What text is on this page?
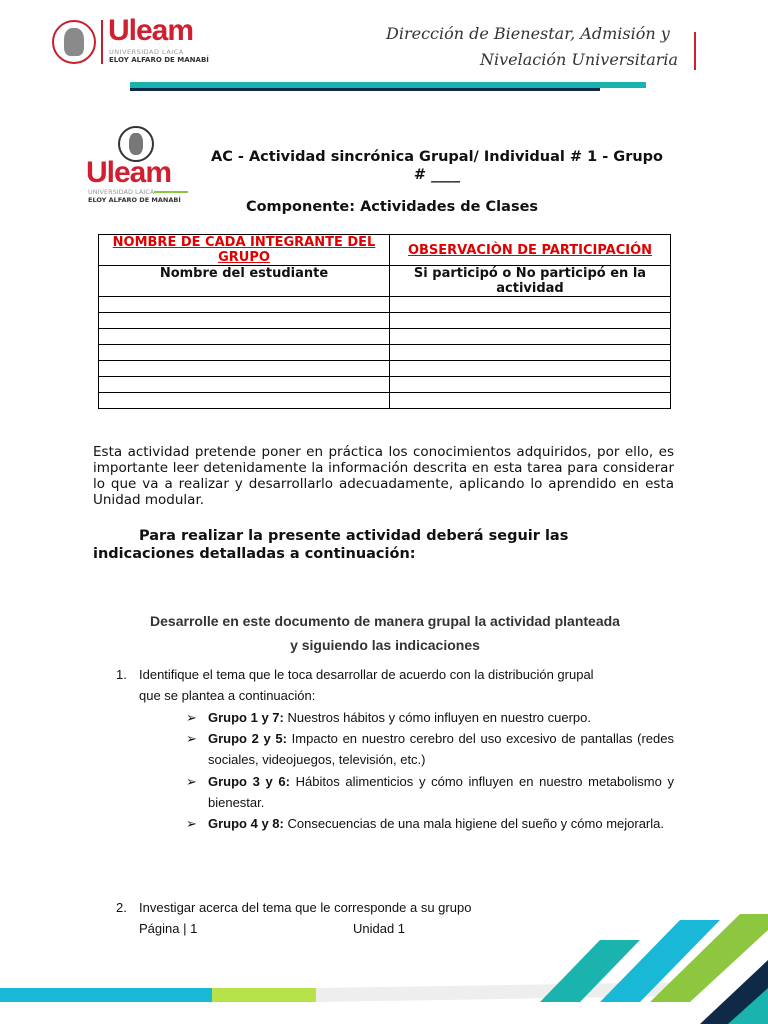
Uleam
UNIVERSIDAD LAICA
ELOY ALFARO DE MANABÍ
Dirección de Bienestar, Admisión y
Nivelación Universitaria
Uleam
UNIVERSIDAD LAICA
ELOY ALFARO DE MANABÍ
AC - Actividad sincrónica Grupal/ Individual # 1 - Grupo
# ____
Componente: Actividades de Clases
NOMBRE DE CADA INTEGRANTE DEL GRUPO	OBSERVACIÒN DE PARTICIPACIÓN
Nombre del estudiante	Si participó o No participó en la actividad

Esta actividad pretende poner en práctica los conocimientos adquiridos, por ello, es importante leer detenidamente la información descrita en esta tarea para considerar lo que va a realizar y desarrollarlo adecuadamente, aplicando lo aprendido en esta Unidad modular.
Para realizar la presente actividad deberá seguir las indicaciones detalladas a continuación:
Desarrolle en este documento de manera grupal la actividad planteada
y siguiendo las indicaciones
1. Identifique el tema que le toca desarrollar de acuerdo con la distribución grupal
que se plantea a continuación:
➢ Grupo 1 y 7: Nuestros hábitos y cómo influyen en nuestro cuerpo.
➢ Grupo 2 y 5: Impacto en nuestro cerebro del uso excesivo de pantallas (redes sociales, videojuegos, televisión, etc.)
➢ Grupo 3 y 6: Hábitos alimenticios y cómo influyen en nuestro metabolismo y bienestar.
➢ Grupo 4 y 8: Consecuencias de una mala higiene del sueño y cómo mejorarla.
2. Investigar acerca del tema que le corresponde a su grupo
Página | 1	Unidad 1
